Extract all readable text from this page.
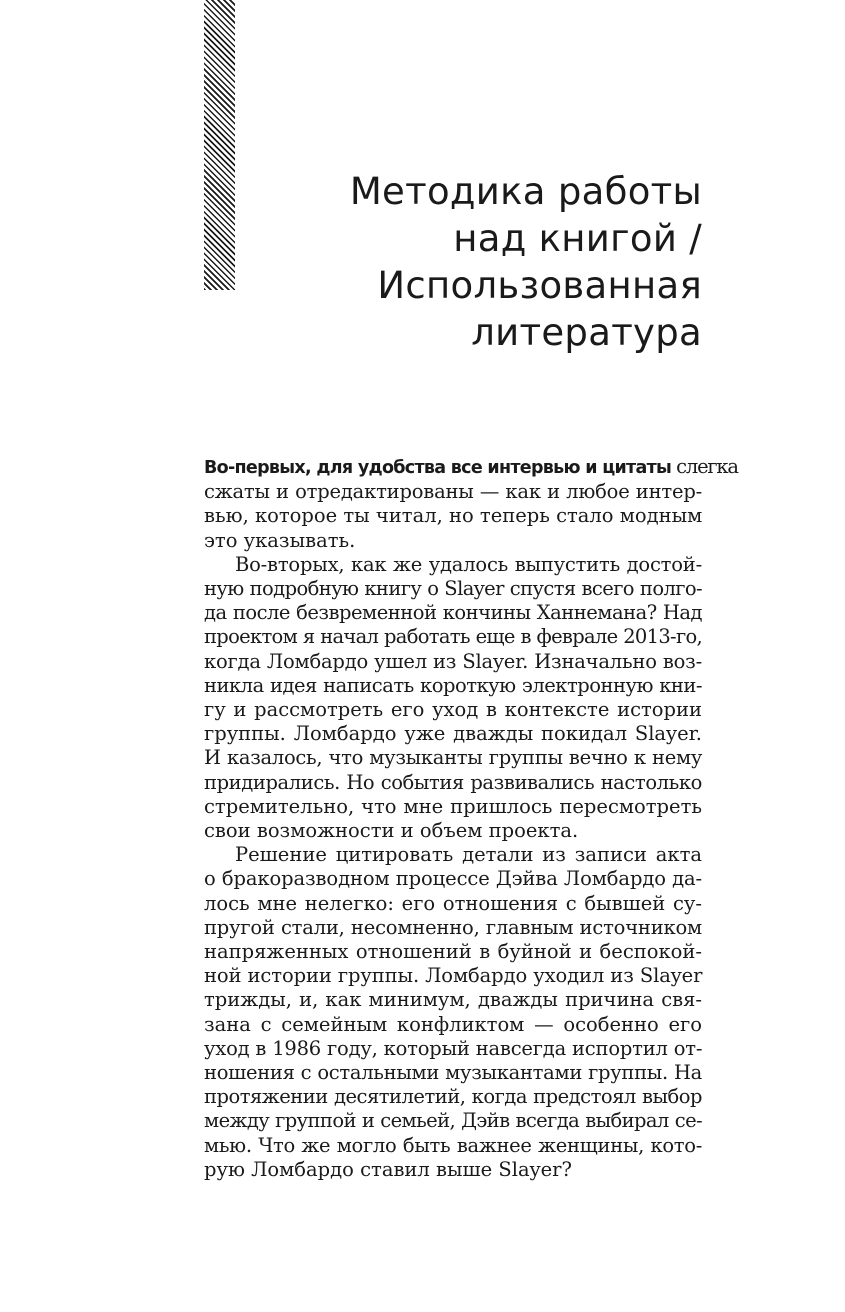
Методика работы
над книгой /
Использованная
литература
Во-первых, для удобства все интервью и цитаты слегка
сжаты и отредактированы — как и любое интер-
вью, которое ты читал, но теперь стало модным
это указывать.
Во-вторых, как же удалось выпустить достой-
ную подробную книгу о Slayer спустя всего полго-
да после безвременной кончины Ханнемана? Над
проектом я начал работать еще в феврале 2013-го,
когда Ломбардо ушел из Slayer. Изначально воз-
никла идея написать короткую электронную кни-
гу и рассмотреть его уход в контексте истории
группы. Ломбардо уже дважды покидал Slayer.
И казалось, что музыканты группы вечно к нему
придирались. Но события развивались настолько
стремительно, что мне пришлось пересмотреть
свои возможности и объем проекта.
Решение цитировать детали из записи акта
о бракоразводном процессе Дэйва Ломбардо да-
лось мне нелегко: его отношения с бывшей су-
пругой стали, несомненно, главным источником
напряженных отношений в буйной и беспокой-
ной истории группы. Ломбардо уходил из Slayer
трижды, и, как минимум, дважды причина свя-
зана с семейным конфликтом — особенно его
уход в 1986 году, который навсегда испортил от-
ношения с остальными музыкантами группы. На
протяжении десятилетий, когда предстоял выбор
между группой и семьей, Дэйв всегда выбирал се-
мью. Что же могло быть важнее женщины, кото-
рую Ломбардо ставил выше Slayer?
